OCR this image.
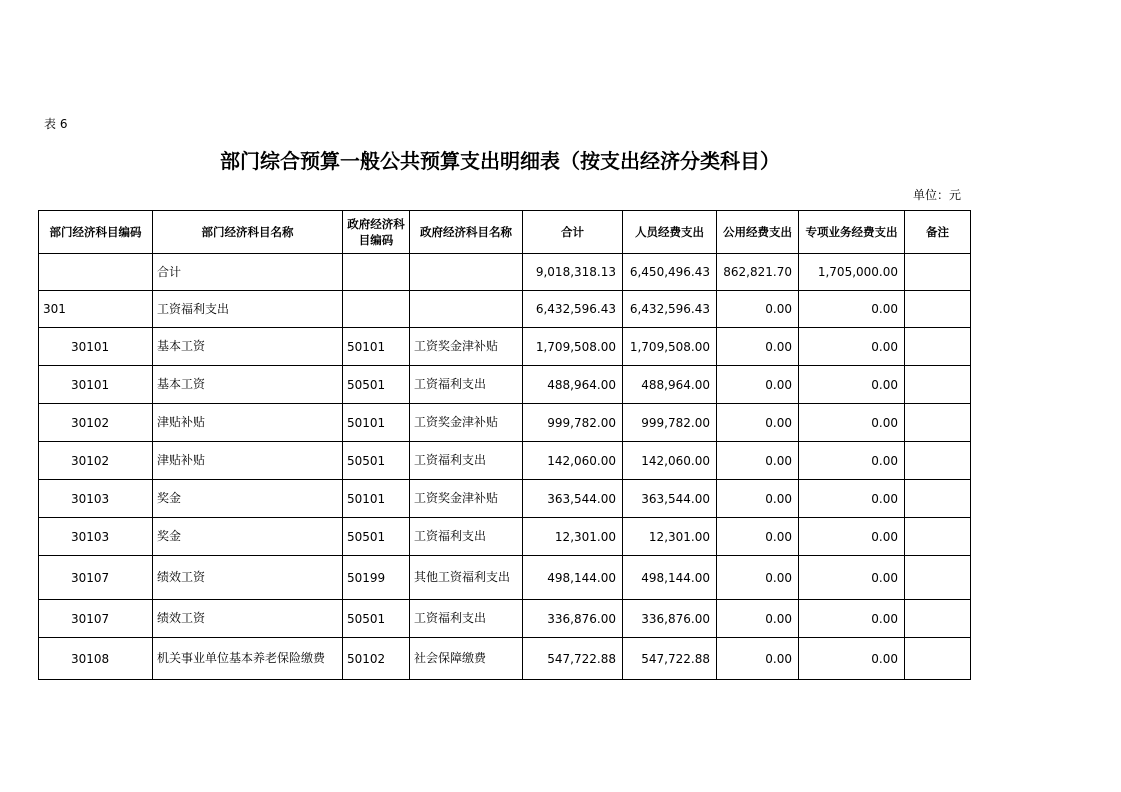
表 6
部门综合预算一般公共预算支出明细表（按支出经济分类科目）
单位：元
部门经济科目编码	部门经济科目名称	政府经济科目编码	政府经济科目名称	合计	人员经费支出	公用经费支出	专项业务经费支出	备注
	合计			9,018,318.13	6,450,496.43	862,821.70	1,705,000.00	
301	工资福利支出			6,432,596.43	6,432,596.43	0.00	0.00	
30101	基本工资	50101	工资奖金津补贴	1,709,508.00	1,709,508.00	0.00	0.00	
30101	基本工资	50501	工资福利支出	488,964.00	488,964.00	0.00	0.00	
30102	津贴补贴	50101	工资奖金津补贴	999,782.00	999,782.00	0.00	0.00	
30102	津贴补贴	50501	工资福利支出	142,060.00	142,060.00	0.00	0.00	
30103	奖金	50101	工资奖金津补贴	363,544.00	363,544.00	0.00	0.00	
30103	奖金	50501	工资福利支出	12,301.00	12,301.00	0.00	0.00	
30107	绩效工资	50199	其他工资福利支出	498,144.00	498,144.00	0.00	0.00	
30107	绩效工资	50501	工资福利支出	336,876.00	336,876.00	0.00	0.00	
30108	机关事业单位基本养老保险缴费	50102	社会保障缴费	547,722.88	547,722.88	0.00	0.00	
